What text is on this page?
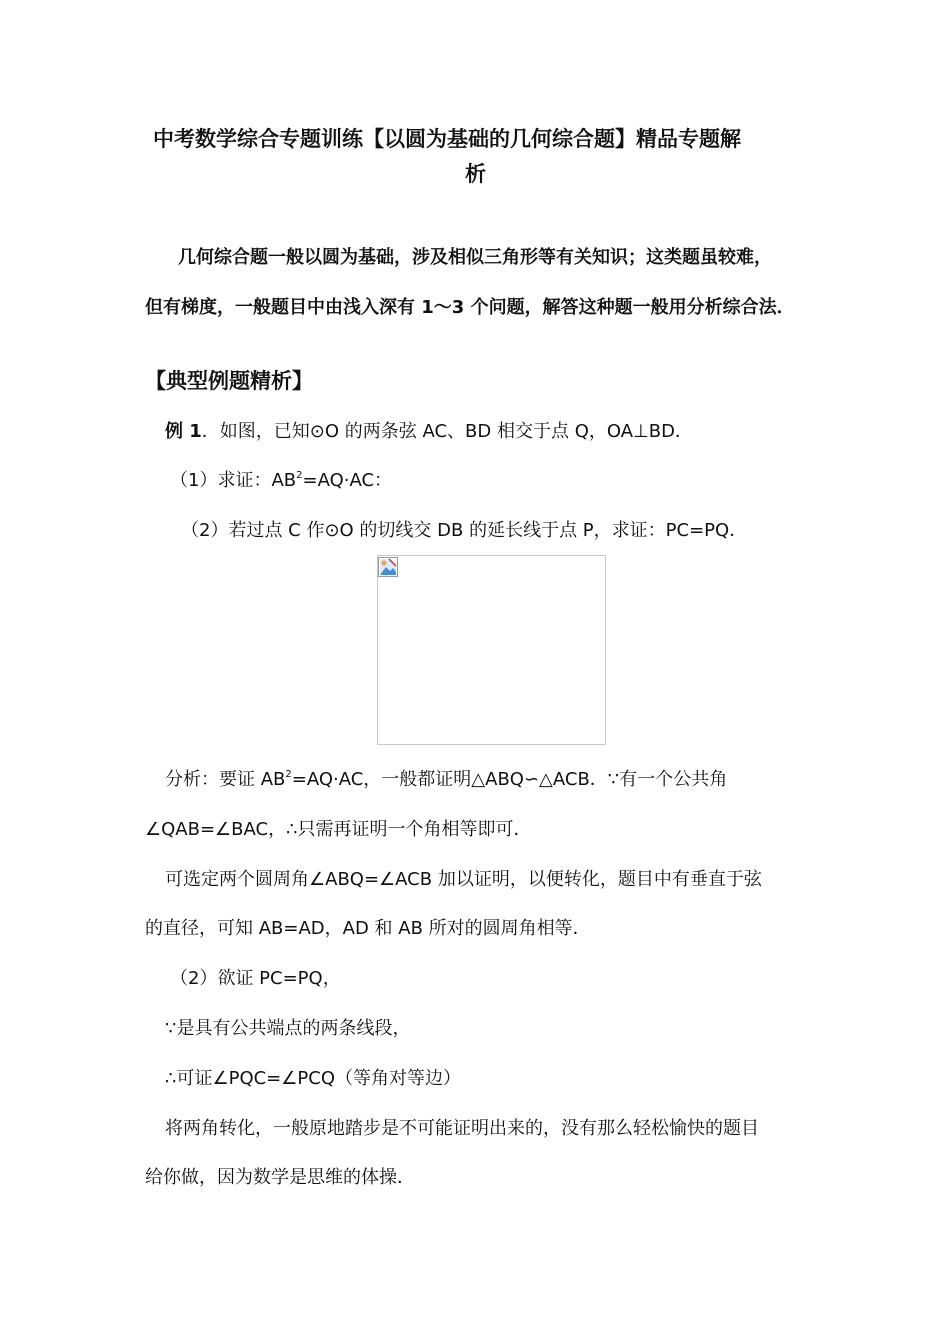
中考数学综合专题训练【以圆为基础的几何综合题】精品专题解
析
几何综合题一般以圆为基础，涉及相似三角形等有关知识；这类题虽较难，
但有梯度，一般题目中由浅入深有 1～3 个问题，解答这种题一般用分析综合法．
【典型例题精析】
例 1．如图，已知⊙O 的两条弦 AC、BD 相交于点 Q，OA⊥BD．
（1）求证：$AB^2=AQ\cdot AC$：
（2）若过点 C 作⊙O 的切线交 DB 的延长线于点 P，求证：PC=PQ．
分析：要证 $AB^2=AQ\cdot AC$，一般都证明△ABQ∽△ACB．∵有一个公共角
∠QAB=∠BAC，∴只需再证明一个角相等即可．
可选定两个圆周角∠ABQ=∠ACB 加以证明，以便转化，题目中有垂直于弦
的直径，可知 AB=AD，AD 和 AB 所对的圆周角相等．
（2）欲证 PC=PQ，
∵是具有公共端点的两条线段，
∴可证∠PQC=∠PCQ（等角对等边）
将两角转化，一般原地踏步是不可能证明出来的，没有那么轻松愉快的题目
给你做，因为数学是思维的体操．
